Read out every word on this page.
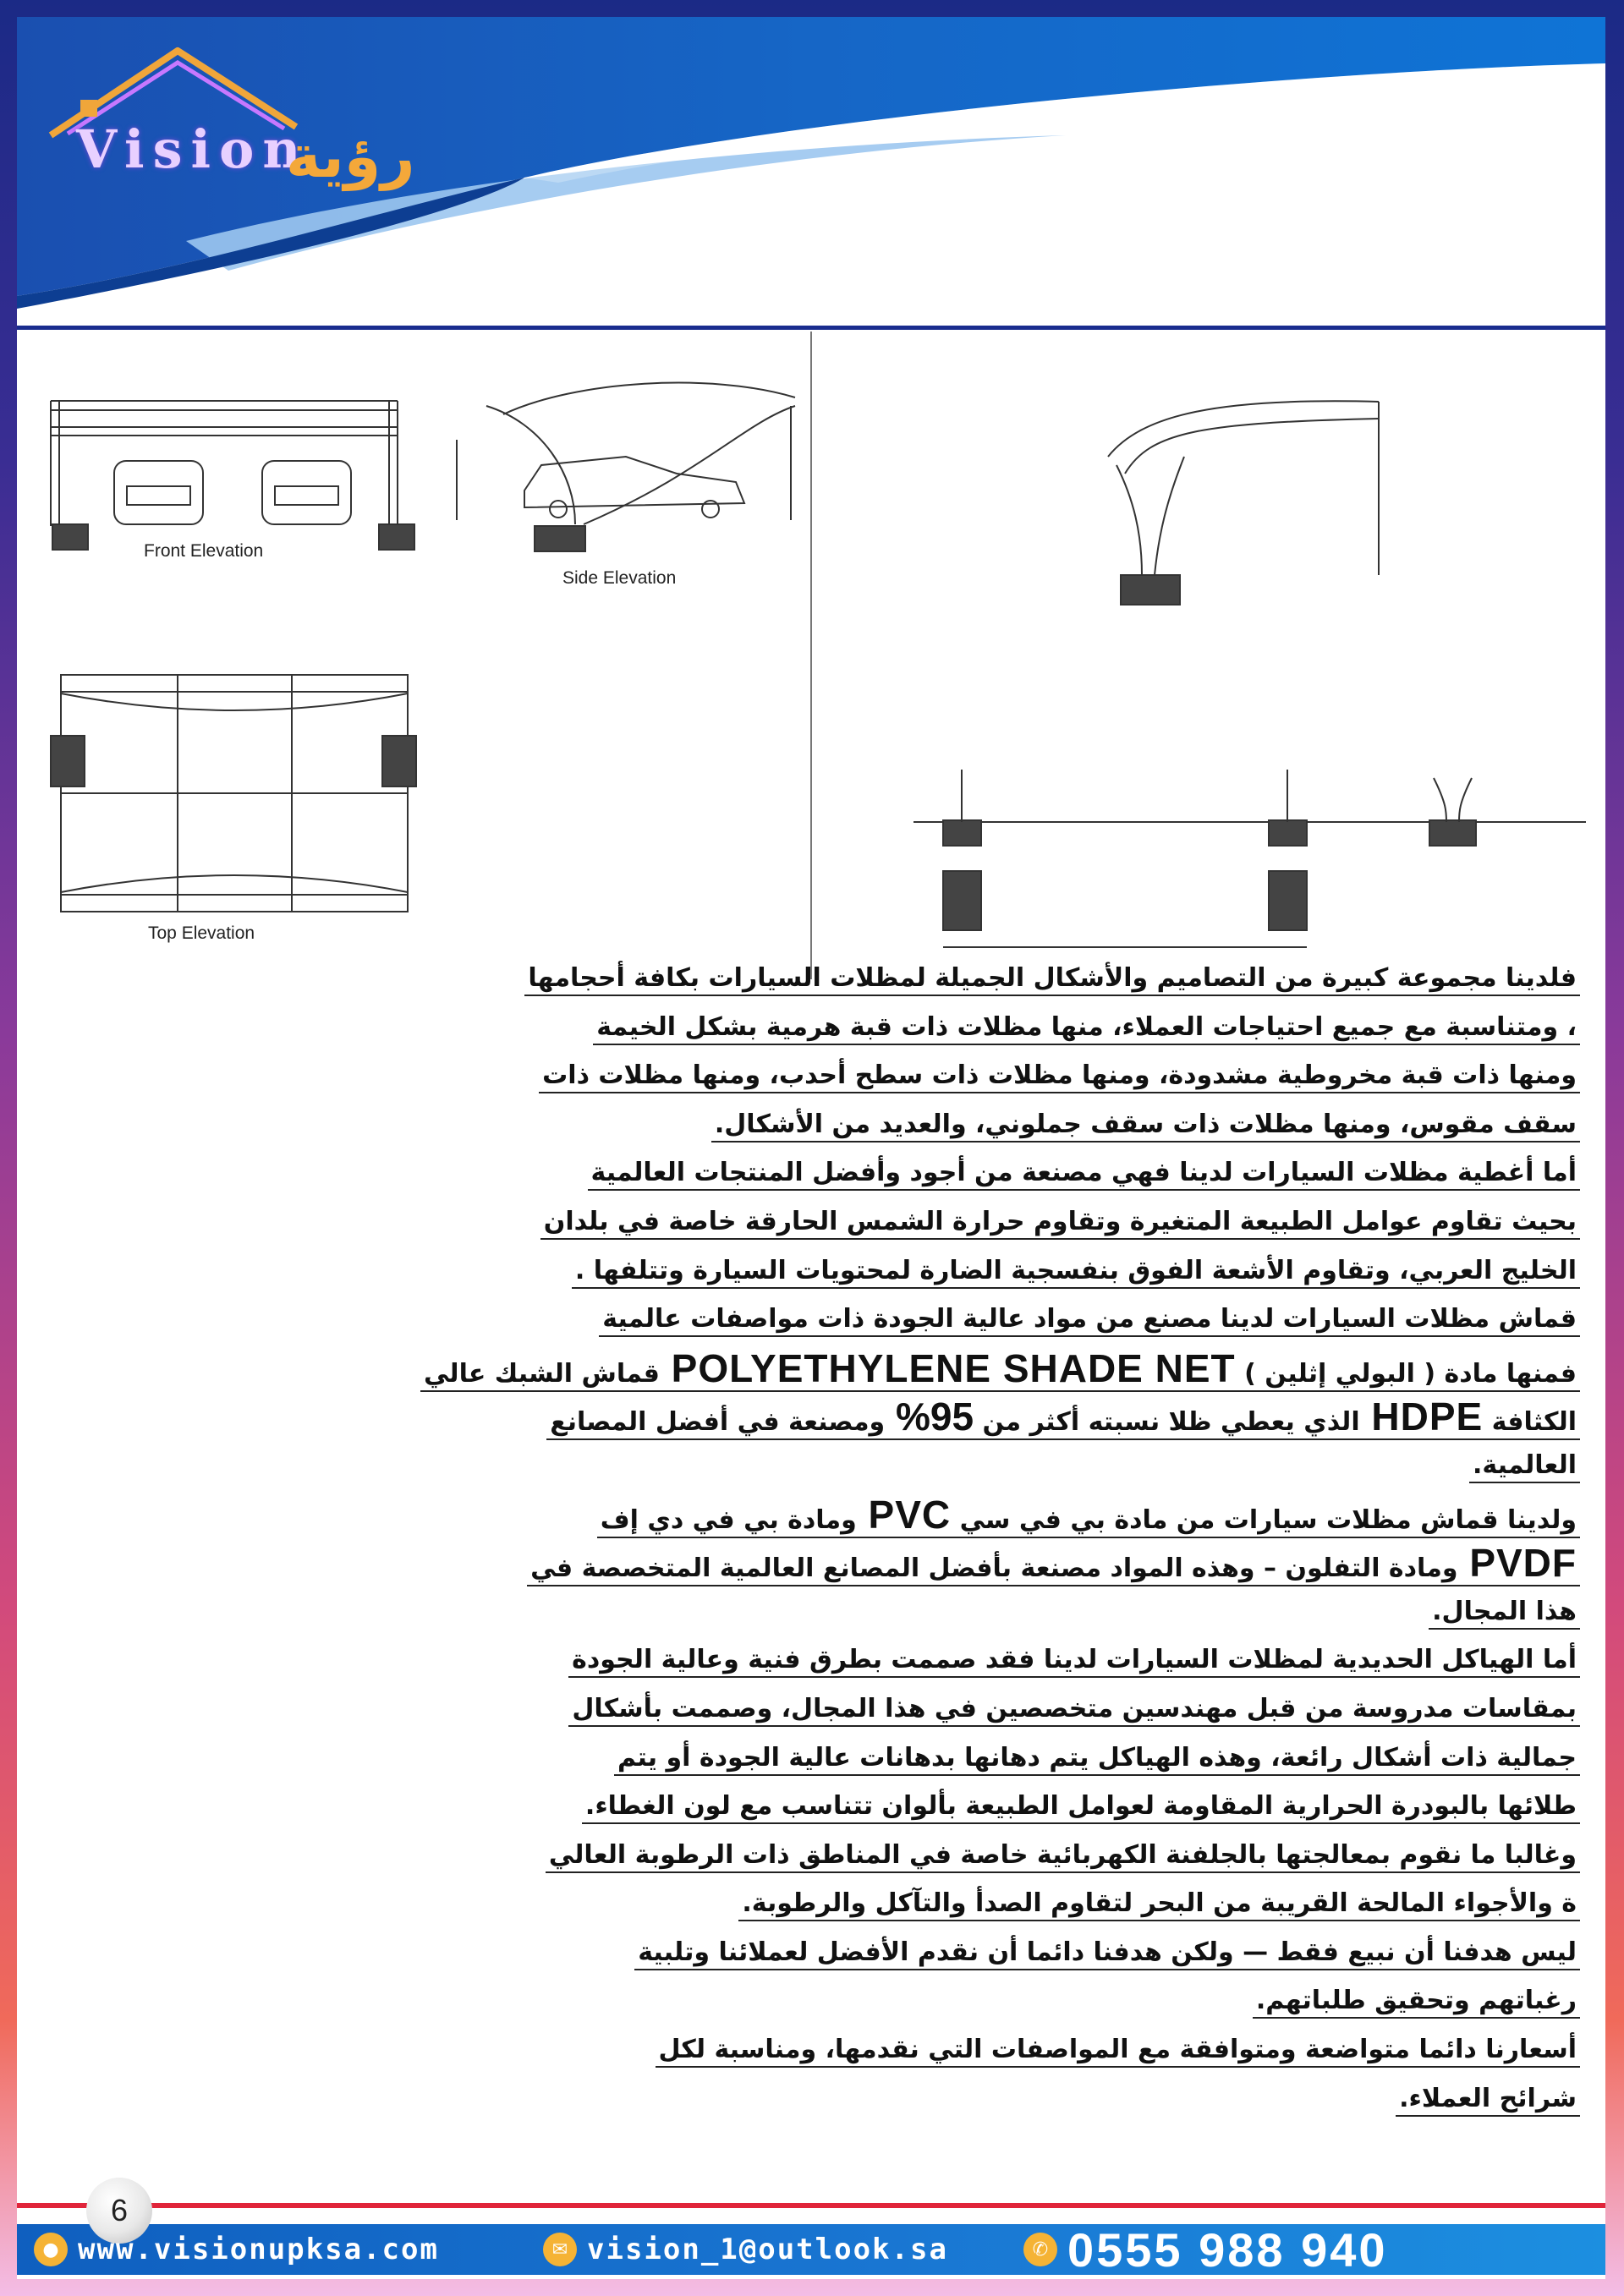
Vision
رؤية
Front Elevation
Side Elevation
Top Elevation
فلدينا مجموعة كبيرة من التصاميم والأشكال الجميلة لمظلات السيارات بكافة أحجامها
، ومتناسبة مع جميع احتياجات العملاء، منها مظلات ذات قبة هرمية بشكل الخيمة
ومنها ذات قبة مخروطية مشدودة، ومنها مظلات ذات سطح أحدب، ومنها مظلات ذات
سقف مقوس، ومنها مظلات ذات سقف جملوني، والعديد من الأشكال.
أما أغطية مظلات السيارات لدينا فهي مصنعة من أجود وأفضل المنتجات العالمية
بحيث تقاوم عوامل الطبيعة المتغيرة وتقاوم حرارة الشمس الحارقة خاصة في بلدان
الخليج العربي، وتقاوم الأشعة الفوق بنفسجية الضارة لمحتويات السيارة وتتلفها .
قماش مظلات السيارات لدينا مصنع من مواد عالية الجودة ذات مواصفات عالمية
فمنها مادة ( البولي إثلين ) POLYETHYLENE SHADE NET قماش الشبك عالي
الكثافة HDPE الذي يعطي ظلا نسبته أكثر من 95% ومصنعة في أفضل المصانع
العالمية.
ولدينا قماش مظلات سيارات من مادة بي في سي PVC ومادة بي في دي إف
PVDF ومادة التفلون – وهذه المواد مصنعة بأفضل المصانع العالمية المتخصصة في
هذا المجال.
أما الهياكل الحديدية لمظلات السيارات لدينا فقد صممت بطرق فنية وعالية الجودة
بمقاسات مدروسة من قبل مهندسين متخصصين في هذا المجال، وصممت بأشكال
جمالية ذات أشكال رائعة، وهذه الهياكل يتم دهانها بدهانات عالية الجودة أو يتم
طلائها بالبودرة الحرارية المقاومة لعوامل الطبيعة بألوان تتناسب مع لون الغطاء.
وغالبا ما نقوم بمعالجتها بالجلفنة الكهربائية خاصة في المناطق ذات الرطوبة العالي
ة والأجواء المالحة القريبة من البحر لتقاوم الصدأ والتآكل والرطوبة.
ليس هدفنا أن نبيع فقط — ولكن هدفنا دائما أن نقدم الأفضل لعملائنا وتلبية
رغباتهم وتحقيق طلباتهم.
أسعارنا دائما متواضعة ومتوافقة مع المواصفات التي نقدمها، ومناسبة لكل
شرائح العملاء.
6
● www.visionupksa.com	✉ vision_1@outlook.sa	✆ 0555 988 940
